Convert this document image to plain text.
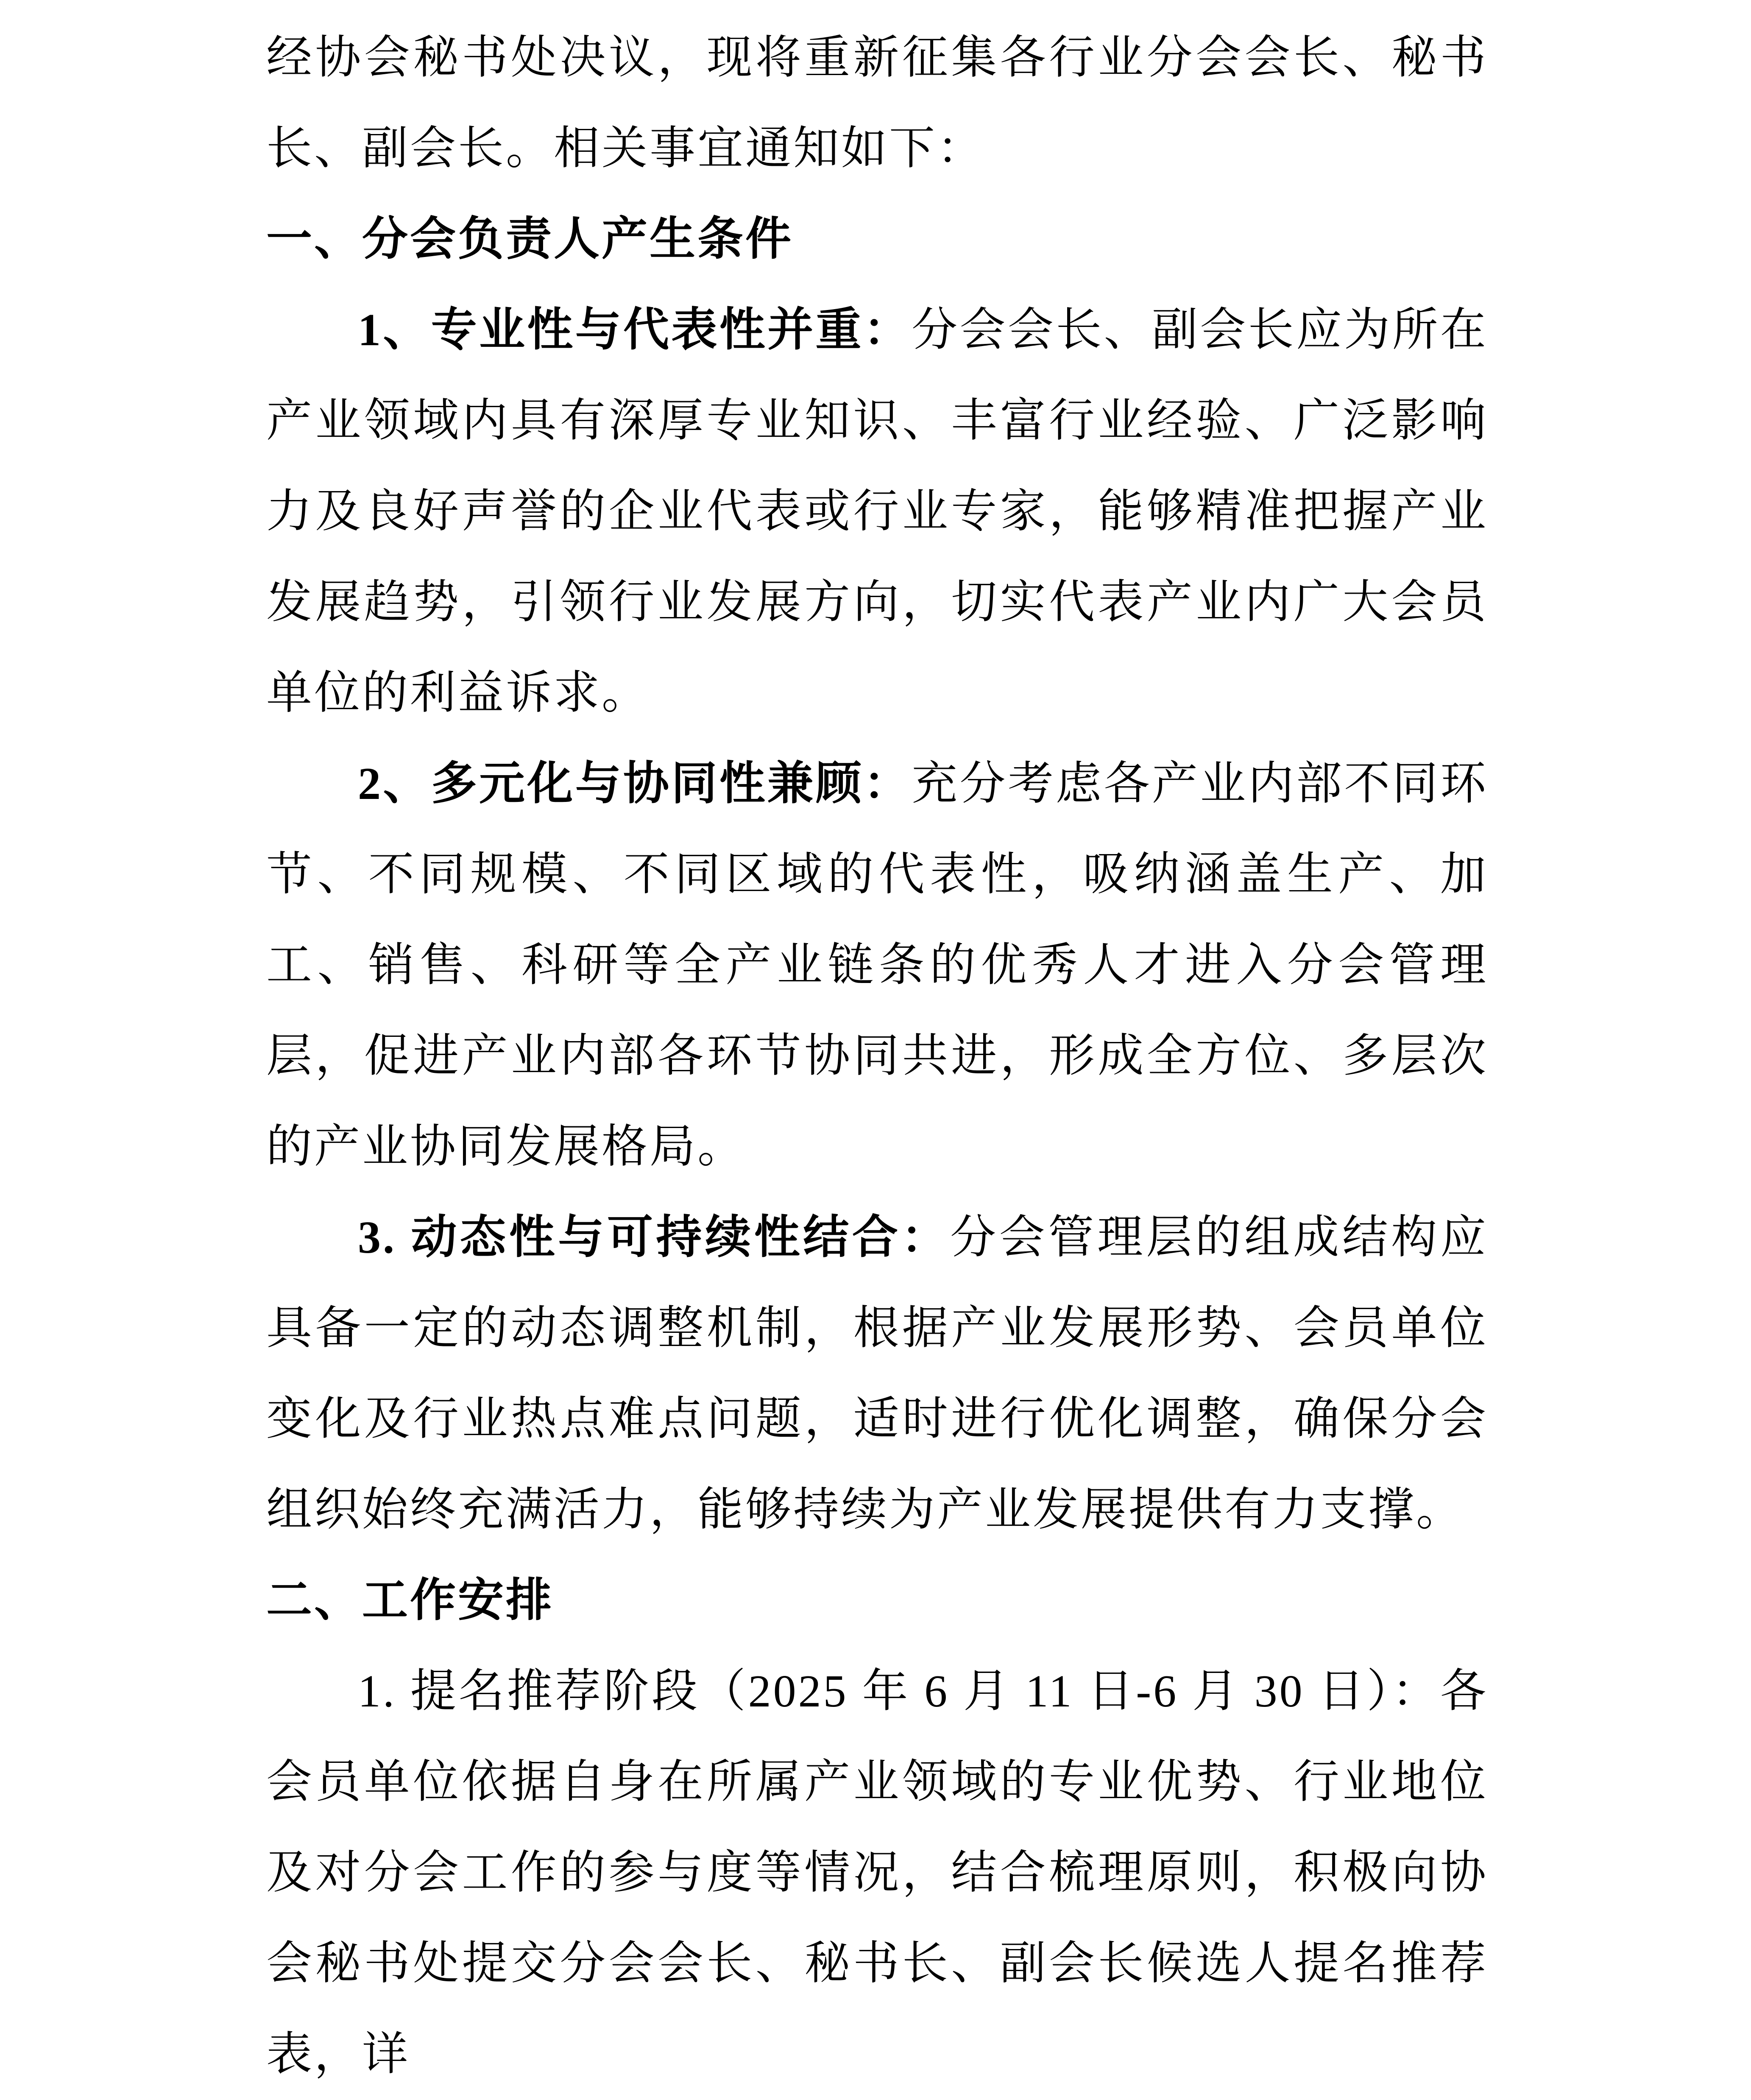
经协会秘书处决议，现将重新征集各行业分会会长、秘书长、副会长。相关事宜通知如下：

一、分会负责人产生条件

1、专业性与代表性并重：分会会长、副会长应为所在产业领域内具有深厚专业知识、丰富行业经验、广泛影响力及良好声誉的企业代表或行业专家，能够精准把握产业发展趋势，引领行业发展方向，切实代表产业内广大会员单位的利益诉求。

2、多元化与协同性兼顾：充分考虑各产业内部不同环节、不同规模、不同区域的代表性，吸纳涵盖生产、加工、销售、科研等全产业链条的优秀人才进入分会管理层，促进产业内部各环节协同共进，形成全方位、多层次的产业协同发展格局。

3. 动态性与可持续性结合：分会管理层的组成结构应具备一定的动态调整机制，根据产业发展形势、会员单位变化及行业热点难点问题，适时进行优化调整，确保分会组织始终充满活力，能够持续为产业发展提供有力支撑。

二、工作安排

1. 提名推荐阶段（2025 年 6 月 11 日-6 月 30 日）：各会员单位依据自身在所属产业领域的专业优势、行业地位及对分会工作的参与度等情况，结合梳理原则，积极向协会秘书处提交分会会长、秘书长、副会长候选人提名推荐表，详
